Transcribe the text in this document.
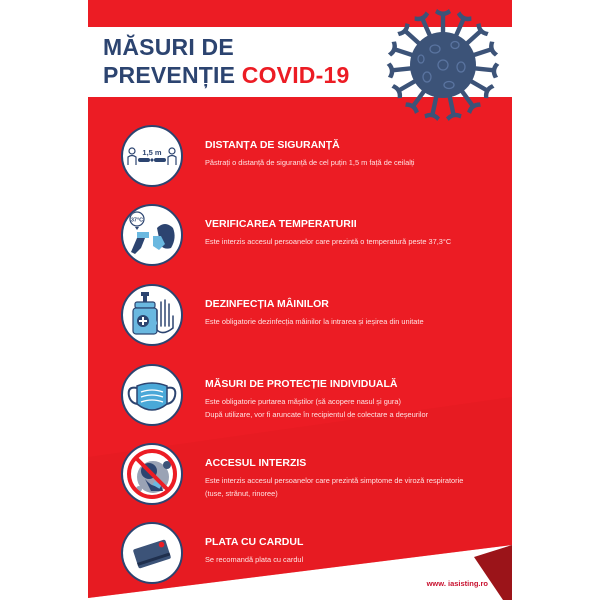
MĂSURI DE
PREVENȚIE COVID-19
1,5 m
DISTANȚA DE SIGURANȚĂ
Păstrați o distanță de siguranță de cel puțin 1,5 m față de ceilalți
37°C	VERIFICAREA TEMPERATURII
Este interzis accesul persoanelor care prezintă o temperatură peste 37,3°C
DEZINFECȚIA MÂINILOR
Este obligatorie dezinfecția mâinilor la intrarea și ieșirea din unitate
MĂSURI DE PROTECȚIE INDIVIDUALĂ
Este obligatorie purtarea măștilor (să acopere nasul și gura)
După utilizare, vor fi aruncate în recipientul de colectare a deșeurilor
ACCESUL INTERZIS
Este interzis accesul persoanelor care prezintă simptome de viroză respiratorie
(tuse, strănut, rinoree)
PLATA CU CARDUL
Se recomandă plata cu cardul
www. iasisting.ro
